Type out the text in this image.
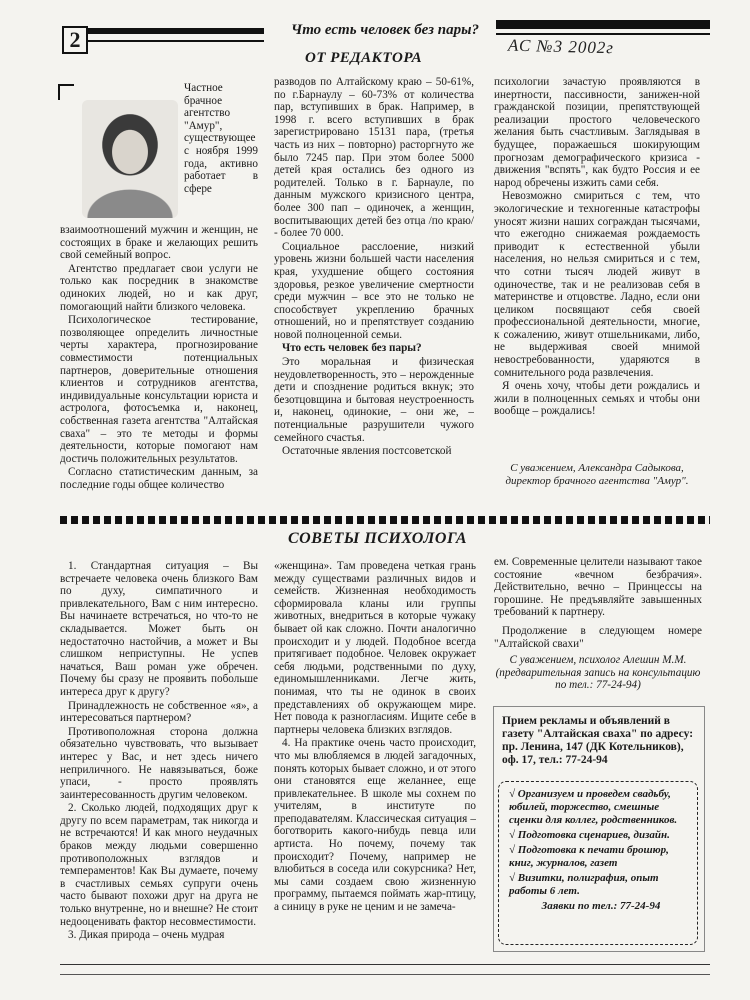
2	Что есть человек без пары?
ОТ РЕДАКТОРА
АС №3 2002г

Частное брачное агентство "Амур", существующее с ноября 1999 года, активно работает в сфере взаимоотношений мужчин и женщин, не состоящих в браке и желающих решить свой семейный вопрос.

Агентство предлагает свои услуги не только как посредник в знакомстве одиноких людей, но и как друг, помогающий найти близкого человека.

Психологическое тестирование, позволяющее определить личностные черты характера, прогнозирование совместимости потенциальных партнеров, доверительные отношения клиентов и сотрудников агентства, индивидуальные консультации юриста и астролога, фотосъемка и, наконец, собственная газета агентства "Алтайская сваха" – это те методы и формы деятельности, которые помогают нам достичь положительных результатов.

Согласно статистическим данным, за последние годы общее количество

разводов по Алтайскому краю – 50-61%, по г.Барнаулу – 60-73% от количества пар, вступивших в брак. Например, в 1998 г. всего вступивших в брак зарегистрировано 15131 пара, (третья часть из них – повторно) расторгнуто же было 7245 пар. При этом более 5000 детей края остались без одного из родителей. Только в г. Барнауле, по данным мужского кризисного центра, более 300 пап – одиночек, а женщин, воспитывающих детей без отца /по краю/ - более 70 000.

Социальное расслоение, низкий уровень жизни большей части населения края, ухудшение общего состояния здоровья, резкое увеличение смертности среди мужчин – все это не только не способствует укреплению брачных отношений, но и препятствует созданию новой полноценной семьи.

Что есть человек без пары?

Это моральная и физическая неудовлетворенность, это – нерожденные дети и спозднение родиться вкнук; это безотцовщина и бытовая неустроенность и, наконец, одинокие, – они же, – потенциальные разрушители чужого семейного счастья.

Остаточные явления постсоветской

психологии зачастую проявляются в инертности, пассивности, занижен-ной гражданской позиции, препятствующей реализации простого человеческого желания быть счастливым. Заглядывая в будущее, поражаешься шокирующим прогнозам демографического кризиса - движения "вспять", как будто Россия и ее народ обречены изжить сами себя.

Невозможно смириться с тем, что экологические и техногенные катастрофы уносят жизни наших сограждан тысячами, что ежегодно снижаемая рождаемость приводит к естественной убыли населения, но нельзя смириться и с тем, что сотни тысяч людей живут в одиночестве, так и не реализовав себя в материнстве и отцовстве. Ладно, если они целиком посвящают себя своей профессиональной деятельности, многие, к сожалению, живут отшельниками, либо, не выдерживая своей мнимой невостребованности, ударяются в сомнительного рода развлечения.

Я очень хочу, чтобы дети рождались и жили в полноценных семьях и чтобы они вообще – рождались!

С уважением, Александра Садыкова, директор брачного агентства "Амур".
СОВЕТЫ ПСИХОЛОГА

1. Стандартная ситуация – Вы встречаете человека очень близкого Вам по духу, симпатичного и привлекательного, Вам с ним интересно. Вы начинаете встречаться, но что-то не складывается. Может быть он недостаточно настойчив, а может и Вы слишком неприступны. Не успев начаться, Ваш роман уже обречен. Почему бы сразу не проявить побольше интереса друг к другу?

Принадлежность не собственное «я», а интересоваться партнером?

Противоположная сторона должна обязательно чувствовать, что вызывает интерес у Вас, и нет здесь ничего неприличного. Не навязываться, боже упаси, - просто проявлять заинтересованность другим человеком.

2. Сколько людей, подходящих друг к другу по всем параметрам, так никогда и не встречаются! И как много неудачных браков между людьми совершенно противоположных взглядов и темпераментов! Как Вы думаете, почему в счастливых семьях супруги очень часто бывают похожи друг на друга не только внутренне, но и внешне? Не стоит недооценивать фактор несовместимости.

3. Дикая природа – очень мудрая

«женщина». Там проведена четкая грань между существами различных видов и семейств. Жизненная необходимость сформировала кланы или группы животных, внедриться в которые чужаку бывает ой как сложно. Почти аналогично происходит и у людей. Подобное всегда притягивает подобное. Человек окружает себя людьми, родственными по духу, единомышленниками. Легче жить, понимая, что ты не одинок в своих представлениях об окружающем мире. Нет повода к разногласиям. Ищите себе в партнеры человека близких взглядов.

4. На практике очень часто происходит, что мы влюбляемся в людей загадочных, понять которых бывает сложно, и от этого они становятся еще желаннее, еще привлекательнее. В школе мы сохнем по учителям, в институте по преподавателям. Классическая ситуация – боготворить какого-нибудь певца или артиста. Но почему, почему так происходит? Почему, например не влюбиться в соседа или сокурсника? Нет, мы сами создаем свою жизненную программу, пытаемся поймать жар-птицу, а синицу в руке не ценим и не замеча-

ем. Современные целители называют такое состояние «вечном безбрачия». Действительно, вечно – Принцессы на горошине. Не предъявляйте завышенных требований к партнеру.

Продолжение в следующем номере "Алтайской свахи"

С уважением, психолог Алешин М.М. (предварительная запись на консультацию по тел.: 77-24-94)

Прием рекламы и объявлений в газету "Алтайская сваха" по адресу: пр. Ленина, 147 (ДК Котельников), оф. 17, тел.: 77-24-94
√ Организуем и проведем свадьбу, юбилей, торжество, смешные сценки для коллег, родственников.
√ Подготовка сценариев, дизайн.
√ Подготовка к печати брошюр, книг, журналов, газет
√ Визитки, полиграфия, опыт работы 6 лет.
Заявки по тел.: 77-24-94
